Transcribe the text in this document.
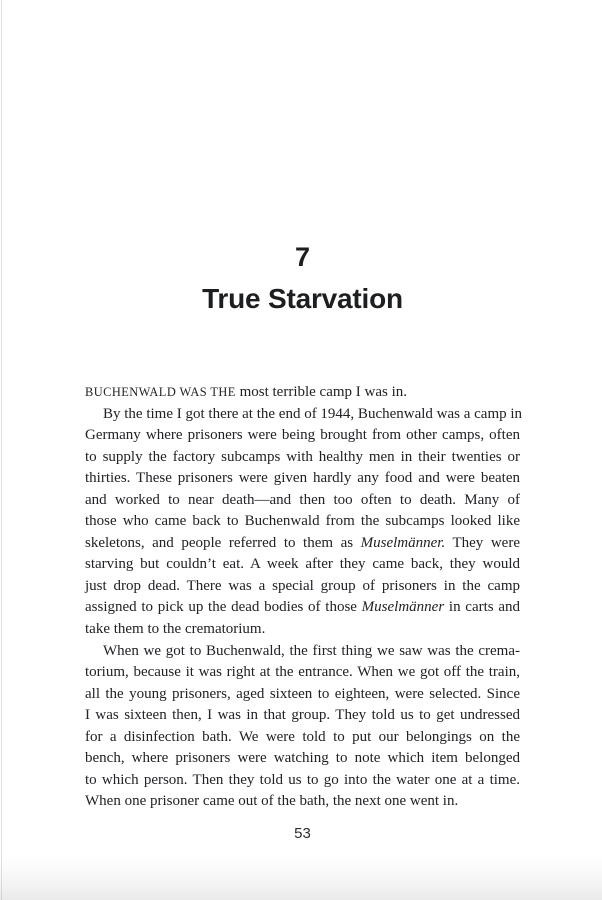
7
True Starvation
BUCHENWALD WAS THE most terrible camp I was in.
By the time I got there at the end of 1944, Buchenwald was a camp in
Germany where prisoners were being brought from other camps, often
to supply the factory subcamps with healthy men in their twenties or
thirties. These prisoners were given hardly any food and were beaten
and worked to near death—and then too often to death. Many of
those who came back to Buchenwald from the subcamps looked like
skeletons, and people referred to them as Muselmänner. They were
starving but couldn’t eat. A week after they came back, they would
just drop dead. There was a special group of prisoners in the camp
assigned to pick up the dead bodies of those Muselmänner in carts and
take them to the crematorium.
When we got to Buchenwald, the first thing we saw was the crema-
torium, because it was right at the entrance. When we got off the train,
all the young prisoners, aged sixteen to eighteen, were selected. Since
I was sixteen then, I was in that group. They told us to get undressed
for a disinfection bath. We were told to put our belongings on the
bench, where prisoners were watching to note which item belonged
to which person. Then they told us to go into the water one at a time.
When one prisoner came out of the bath, the next one went in.
53
